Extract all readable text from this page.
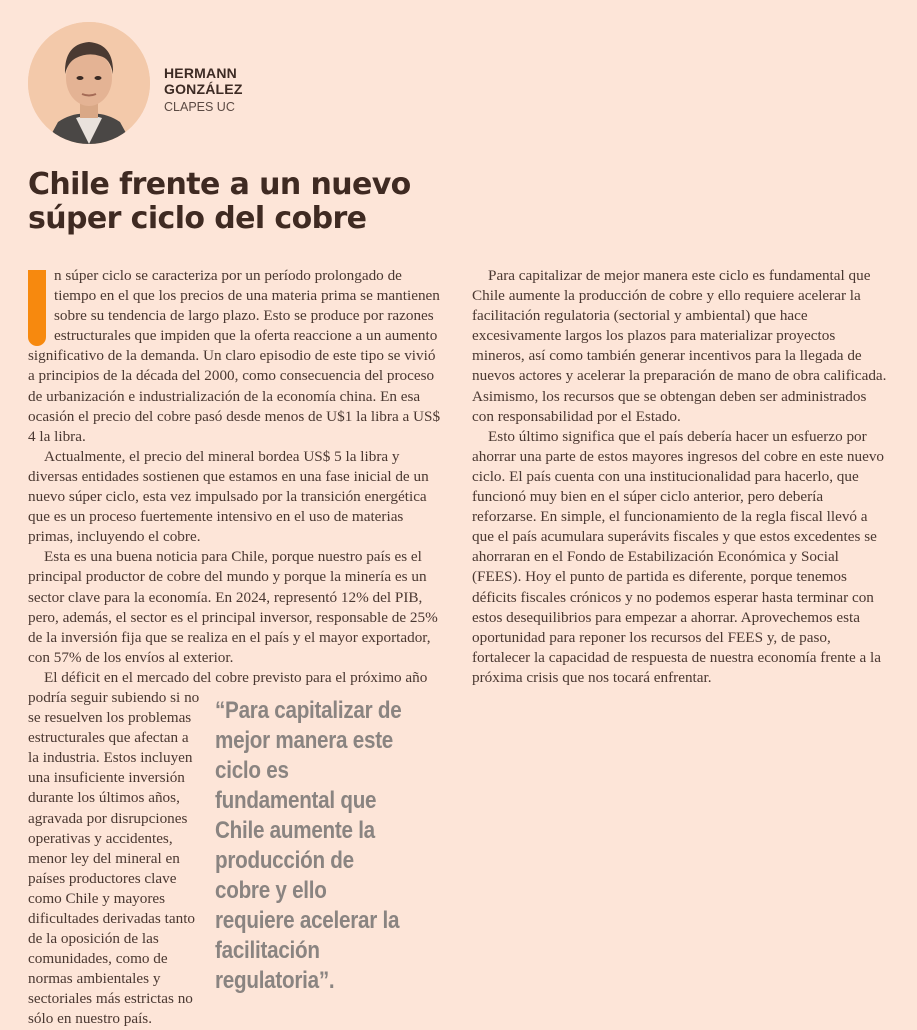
HERMANN
GONZÁLEZ
CLAPES UC
Chile frente a un nuevo súper ciclo del cobre

n súper ciclo se caracteriza por un período prolongado de tiempo en el que los precios de una materia prima se mantienen sobre su tendencia de largo plazo. Esto se produce por razones estructurales que impiden que la oferta reaccione a un aumento significativo de la demanda. Un claro episodio de este tipo se vivió a principios de la década del 2000, como consecuencia del proceso de urbanización e industrialización de la economía china. En esa ocasión el precio del cobre pasó desde menos de U$1 la libra a US$ 4 la libra.

Actualmente, el precio del mineral bordea US$ 5 la libra y diversas entidades sostienen que estamos en una fase inicial de un nuevo súper ciclo, esta vez impulsado por la transición energética que es un proceso fuertemente intensivo en el uso de materias primas, incluyendo el cobre.

Esta es una buena noticia para Chile, porque nuestro país es el principal productor de cobre del mundo y porque la minería es un sector clave para la economía. En 2024, representó 12% del PIB, pero, además, el sector es el principal inversor, responsable de 25% de la inversión fija que se realiza en el país y el mayor exportador, con 57% de los envíos al exterior.

El déficit en el mercado del cobre previsto para el próximo año

“Para capitalizar de mejor manera este ciclo es fundamental que Chile aumente la producción de cobre y ello requiere acelerar la facilitación regulatoria”.

podría seguir subiendo si no se resuelven los problemas estructurales que afectan a la industria. Estos incluyen una insuficiente inversión durante los últimos años, agravada por disrupciones operativas y accidentes, menor ley del mineral en países productores clave como Chile y mayores dificultades derivadas tanto de la oposición de las comunidades, como de normas ambientales y sectoriales más estrictas no sólo en nuestro país.

Para capitalizar de mejor manera este ciclo es fundamental que Chile aumente la producción de cobre y ello requiere acelerar la facilitación regulatoria (sectorial y ambiental) que hace excesivamente largos los plazos para materializar proyectos mineros, así como también generar incentivos para la llegada de nuevos actores y acelerar la preparación de mano de obra calificada. Asimismo, los recursos que se obtengan deben ser administrados con responsabilidad por el Estado.

Esto último significa que el país debería hacer un esfuerzo por ahorrar una parte de estos mayores ingresos del cobre en este nuevo ciclo. El país cuenta con una institucionalidad para hacerlo, que funcionó muy bien en el súper ciclo anterior, pero debería reforzarse. En simple, el funcionamiento de la regla fiscal llevó a que el país acumulara superávits fiscales y que estos excedentes se ahorraran en el Fondo de Estabilización Económica y Social (FEES). Hoy el punto de partida es diferente, porque tenemos déficits fiscales crónicos y no podemos esperar hasta terminar con estos desequilibrios para empezar a ahorrar. Aprovechemos esta oportunidad para reponer los recursos del FEES y, de paso, fortalecer la capacidad de respuesta de nuestra economía frente a la próxima crisis que nos tocará enfrentar.
